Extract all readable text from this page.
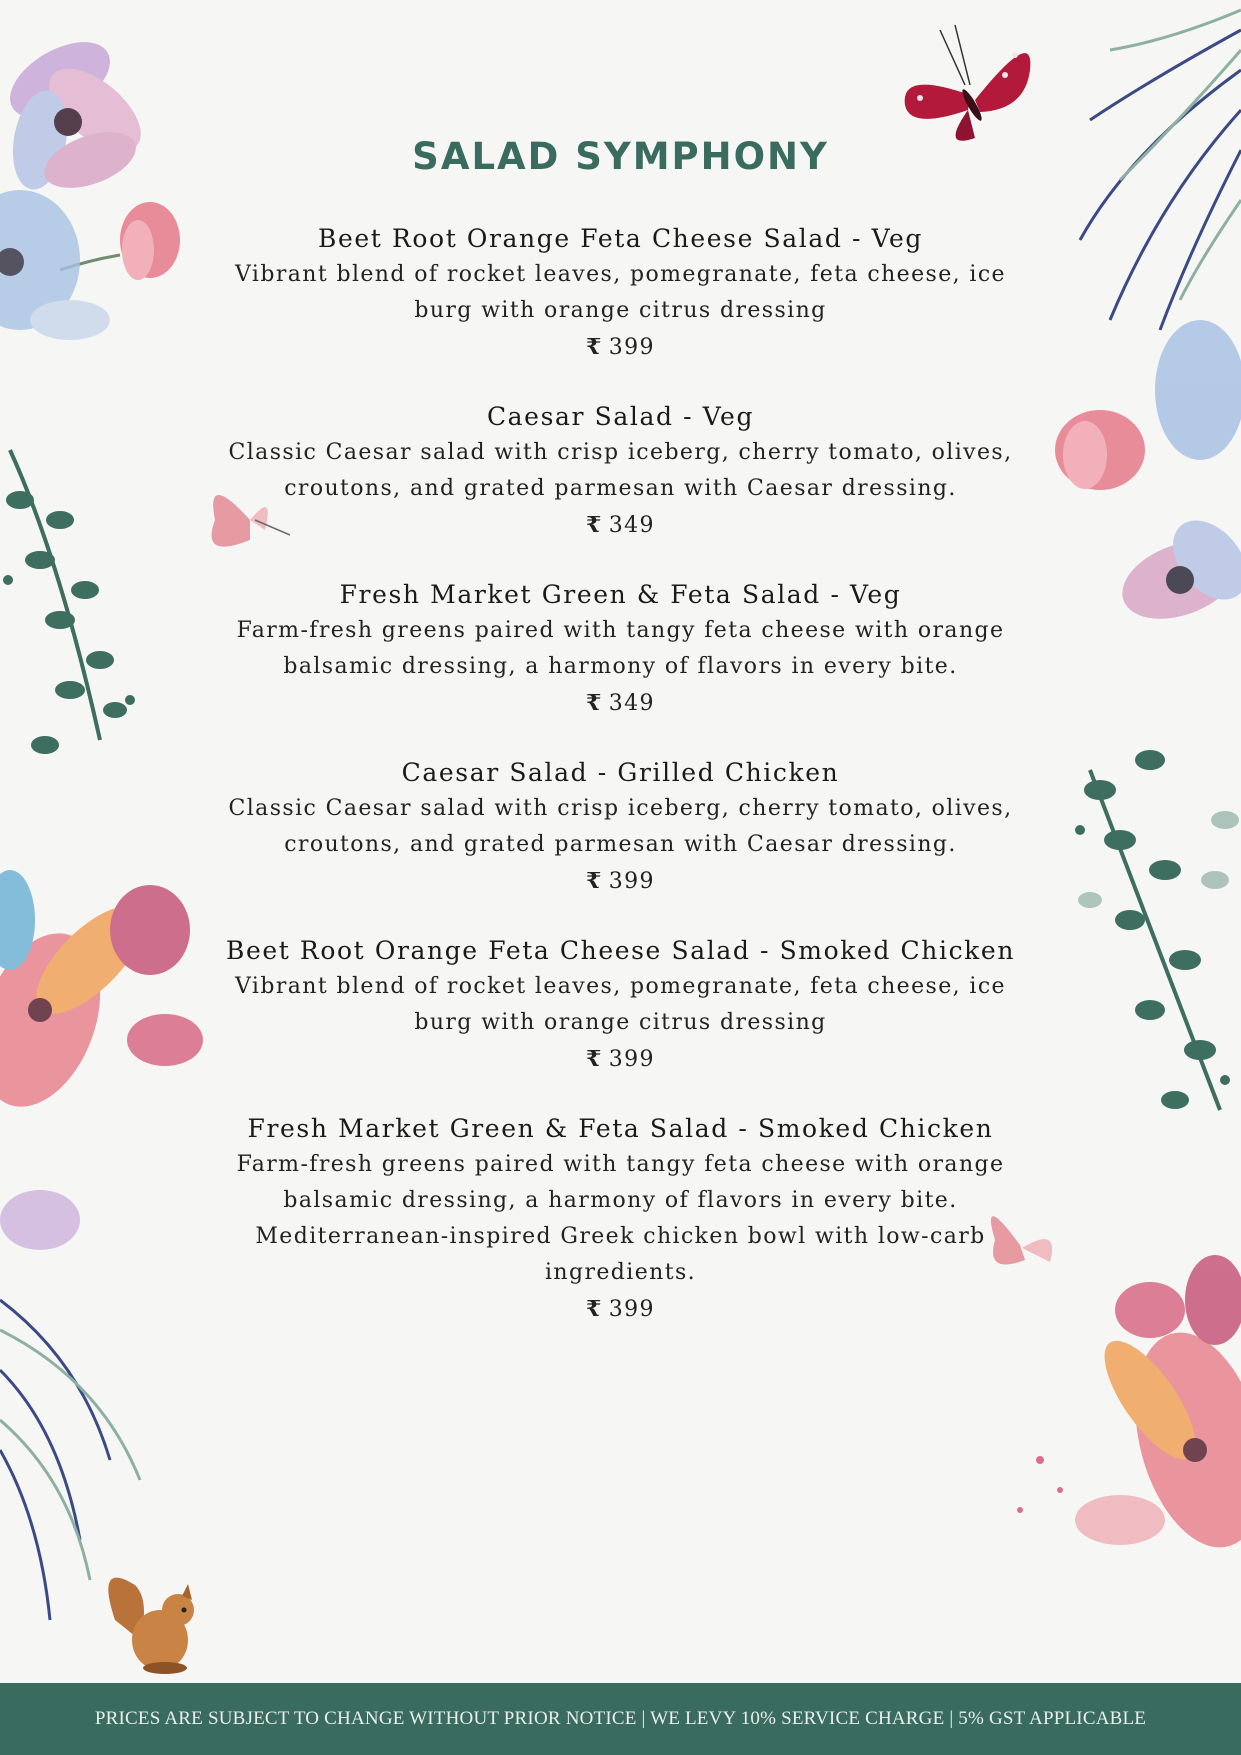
SALAD SYMPHONY
Beet Root Orange Feta Cheese Salad - Veg
Vibrant blend of rocket leaves, pomegranate, feta cheese, ice burg with orange citrus dressing
₹ 399
Caesar Salad - Veg
Classic Caesar salad with crisp iceberg, cherry tomato, olives, croutons, and grated parmesan with Caesar dressing.
₹ 349
Fresh Market Green & Feta Salad - Veg
Farm-fresh greens paired with tangy feta cheese with orange balsamic dressing, a harmony of flavors in every bite.
₹ 349
Caesar Salad - Grilled Chicken
Classic Caesar salad with crisp iceberg, cherry tomato, olives, croutons, and grated parmesan with Caesar dressing.
₹ 399
Beet Root Orange Feta Cheese Salad - Smoked Chicken
Vibrant blend of rocket leaves, pomegranate, feta cheese, ice burg with orange citrus dressing
₹ 399
Fresh Market Green & Feta Salad - Smoked Chicken
Farm-fresh greens paired with tangy feta cheese with orange balsamic dressing, a harmony of flavors in every bite. Mediterranean-inspired Greek chicken bowl with low-carb ingredients.
₹ 399
PRICES ARE SUBJECT TO CHANGE WITHOUT PRIOR NOTICE | WE LEVY 10% SERVICE CHARGE | 5% GST APPLICABLE
